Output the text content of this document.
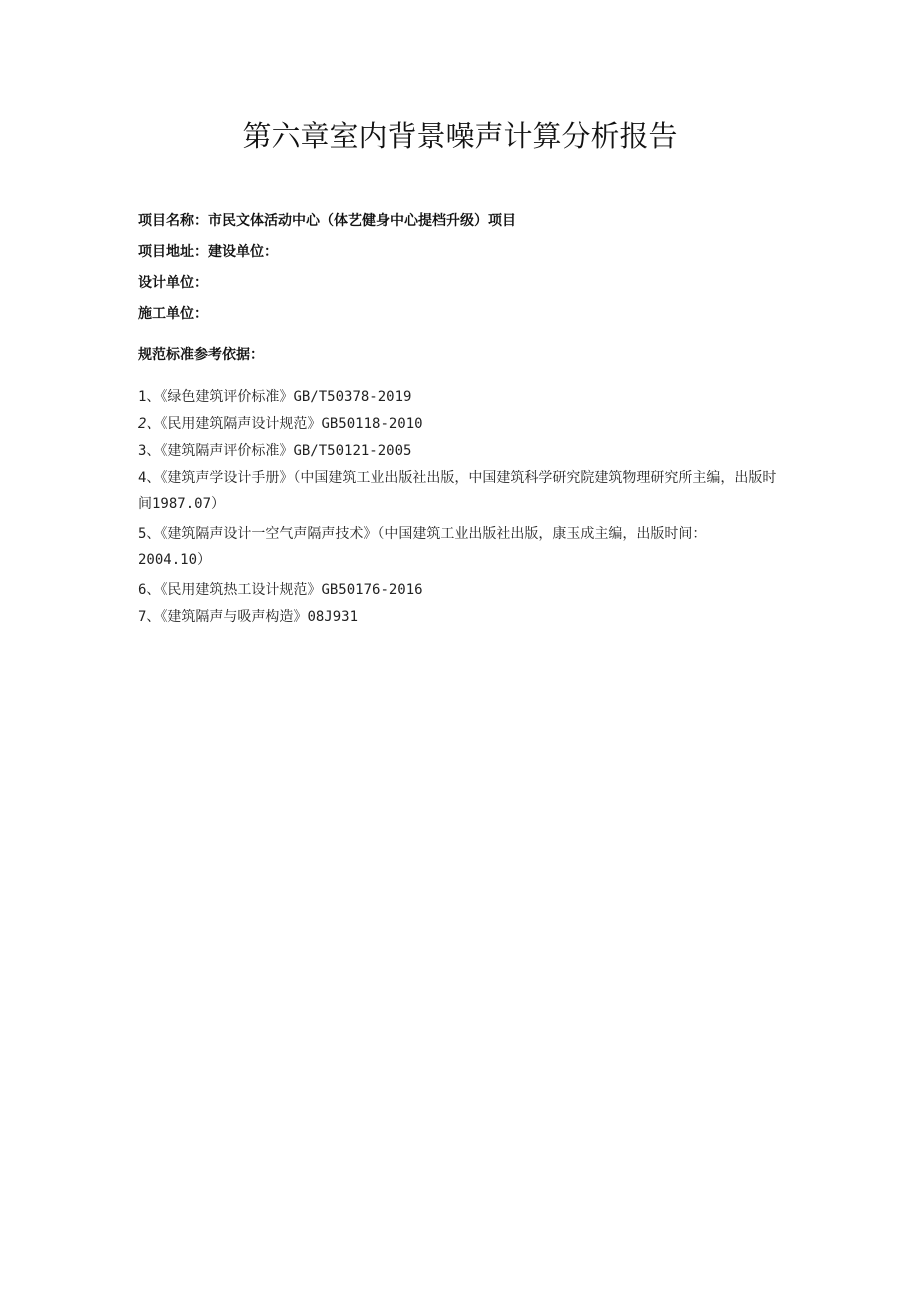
第六章室内背景噪声计算分析报告
项目名称：市民文体活动中心（体艺健身中心提档升级）项目
项目地址：建设单位：
设计单位：
施工单位：
规范标准参考依据：
1、《绿色建筑评价标准》GB/T50378-2019
2、《民用建筑隔声设计规范》GB50118-2010
3、《建筑隔声评价标准》GB/T50121-2005
4、《建筑声学设计手册》（中国建筑工业出版社出版，中国建筑科学研究院建筑物理研究所主编，出版时间1987.07）
5、《建筑隔声设计一空气声隔声技术》（中国建筑工业出版社出版，康玉成主编，出版时间：2004.10）
6、《民用建筑热工设计规范》GB50176-2016
7、《建筑隔声与吸声构造》08J931
